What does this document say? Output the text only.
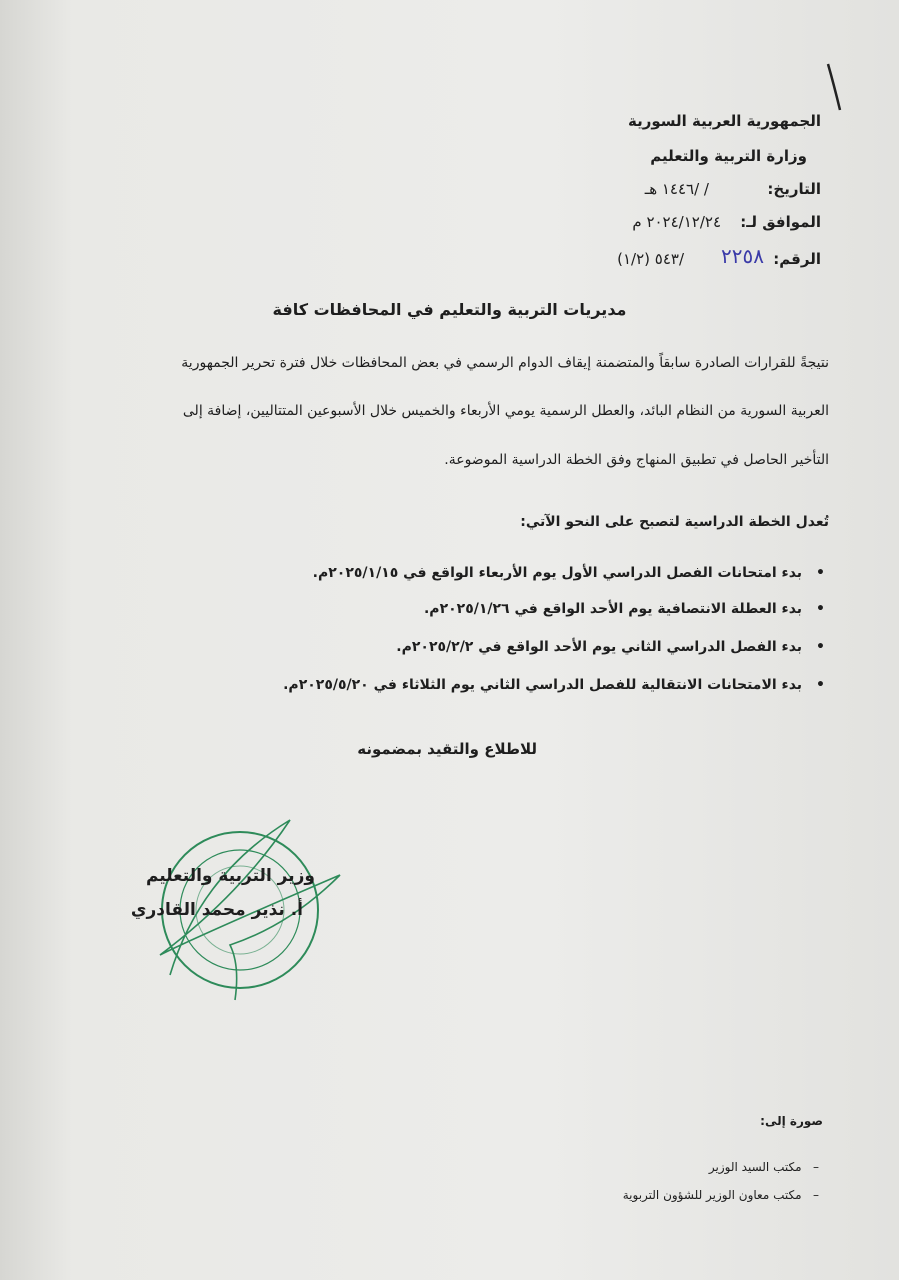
الجمهورية العربية السورية
وزارة التربية والتعليم
التاريخ:
/ /١٤٤٦ هـ
الموافق لـ:
٢٠٢٤/١٢/٢٤ م
الرقم:
٢٢٥٨
/٥٤٣ (١/٢)
مديريات التربية والتعليم في المحافظات كافة
نتيجةً للقرارات الصادرة سابقاً والمتضمنة إيقاف الدوام الرسمي في بعض المحافظات خلال فترة تحرير الجمهورية
العربية السورية من النظام البائد، والعطل الرسمية يومي الأربعاء والخميس خلال الأسبوعين المتتاليين، إضافة إلى
التأخير الحاصل في تطبيق المنهاج وفق الخطة الدراسية الموضوعة.
تُعدل الخطة الدراسية لتصبح على النحو الآتي:
• بدء امتحانات الفصل الدراسي الأول يوم الأربعاء الواقع في ٢٠٢٥/١/١٥م.
• بدء العطلة الانتصافية يوم الأحد الواقع في ٢٠٢٥/١/٢٦م.
• بدء الفصل الدراسي الثاني يوم الأحد الواقع في ٢٠٢٥/٢/٢م.
• بدء الامتحانات الانتقالية للفصل الدراسي الثاني يوم الثلاثاء في ٢٠٢٥/٥/٢٠م.
للاطلاع والتقيد بمضمونه
وزير التربية والتعليم
أ. نذير محمد القادري
صورة إلى:
–   مكتب السيد الوزير
–   مكتب معاون الوزير للشؤون التربوية
